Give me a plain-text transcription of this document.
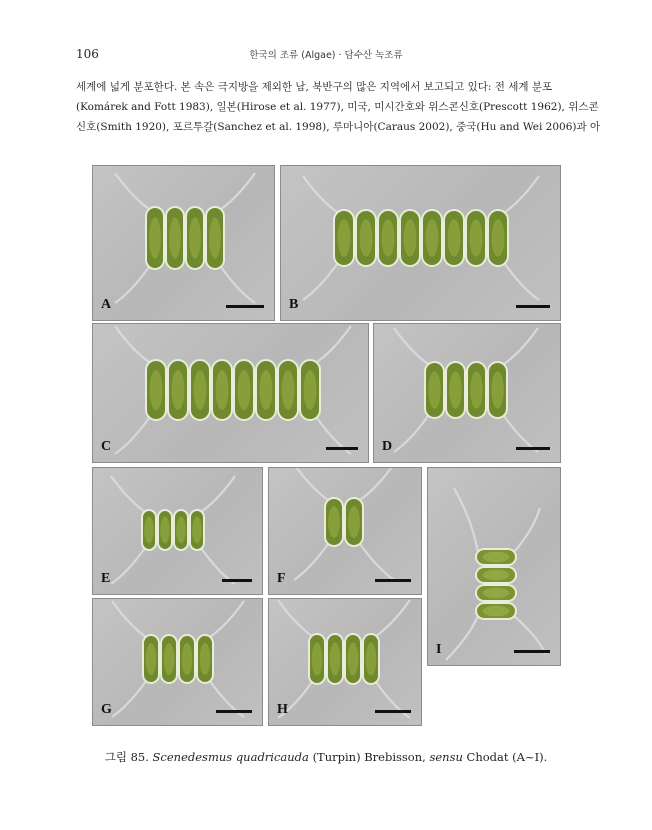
106	한국의 조류 (Algae) · 담수산 녹조류
세계에 넓게 분포한다. 본 속은 극지방을 제외한 남, 북반구의 많은 지역에서 보고되고 있다: 전 세계 분포
(Komárek and Fott 1983), 일본(Hirose et al. 1977), 미국, 미시간호와 위스콘신호(Prescott 1962), 위스콘
신호(Smith 1920), 포르투갈(Sanchez et al. 1998), 루마니아(Caraus 2002), 중국(Hu and Wei 2006)과 아
A	B
C	D
E	F
G	H
I
그림 85. Scenedesmus quadricauda (Turpin) Brebisson, sensu Chodat (A~I).
